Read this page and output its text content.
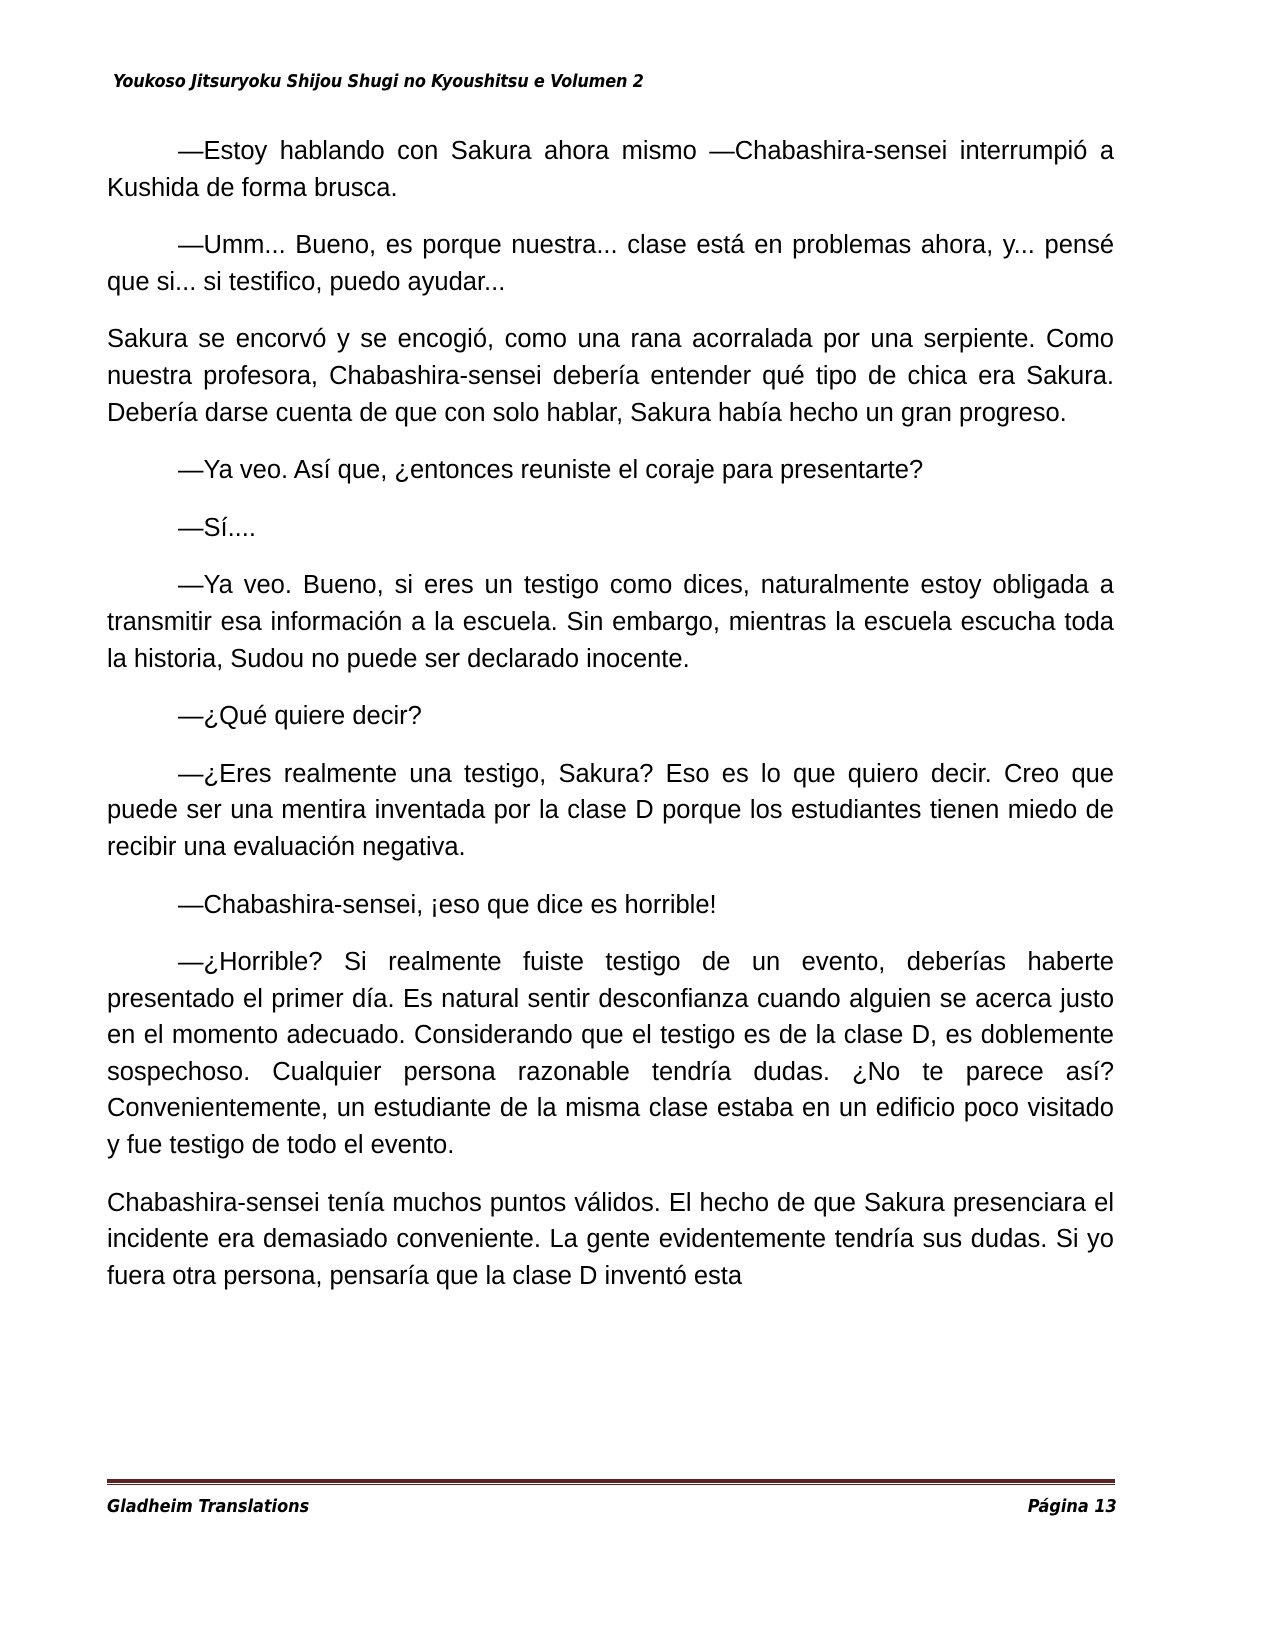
Youkoso Jitsuryoku Shijou Shugi no Kyoushitsu e Volumen 2

—Estoy hablando con Sakura ahora mismo —Chabashira-sensei interrumpió a Kushida de forma brusca.

—Umm... Bueno, es porque nuestra... clase está en problemas ahora, y... pensé que si... si testifico, puedo ayudar...

Sakura se encorvó y se encogió, como una rana acorralada por una serpiente. Como nuestra profesora, Chabashira-sensei debería entender qué tipo de chica era Sakura. Debería darse cuenta de que con solo hablar, Sakura había hecho un gran progreso.

—Ya veo. Así que, ¿entonces reuniste el coraje para presentarte?

—Sí....

—Ya veo. Bueno, si eres un testigo como dices, naturalmente estoy obligada a transmitir esa información a la escuela. Sin embargo, mientras la escuela escucha toda la historia, Sudou no puede ser declarado inocente.

—¿Qué quiere decir?

—¿Eres realmente una testigo, Sakura? Eso es lo que quiero decir. Creo que puede ser una mentira inventada por la clase D porque los estudiantes tienen miedo de recibir una evaluación negativa.

—Chabashira-sensei, ¡eso que dice es horrible!

—¿Horrible? Si realmente fuiste testigo de un evento, deberías haberte presentado el primer día. Es natural sentir desconfianza cuando alguien se acerca justo en el momento adecuado. Considerando que el testigo es de la clase D, es doblemente sospechoso. Cualquier persona razonable tendría dudas. ¿No te parece así? Convenientemente, un estudiante de la misma clase estaba en un edificio poco visitado y fue testigo de todo el evento.

Chabashira-sensei tenía muchos puntos válidos. El hecho de que Sakura presenciara el incidente era demasiado conveniente. La gente evidentemente tendría sus dudas. Si yo fuera otra persona, pensaría que la clase D inventó esta

Gladheim Translations	Página 13
